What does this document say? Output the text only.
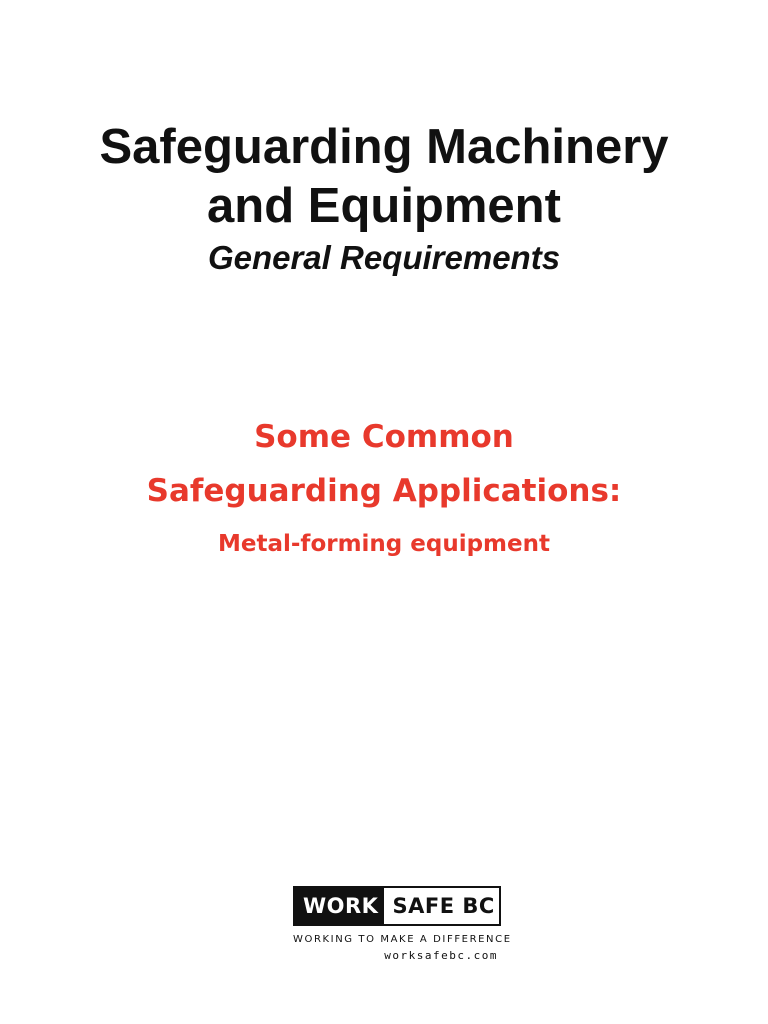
Safeguarding Machinery
and Equipment
General Requirements
Some Common
Safeguarding Applications:
Metal-forming equipment
WORK SAFE BC
WORKING TO MAKE A DIFFERENCE
worksafebc.com
